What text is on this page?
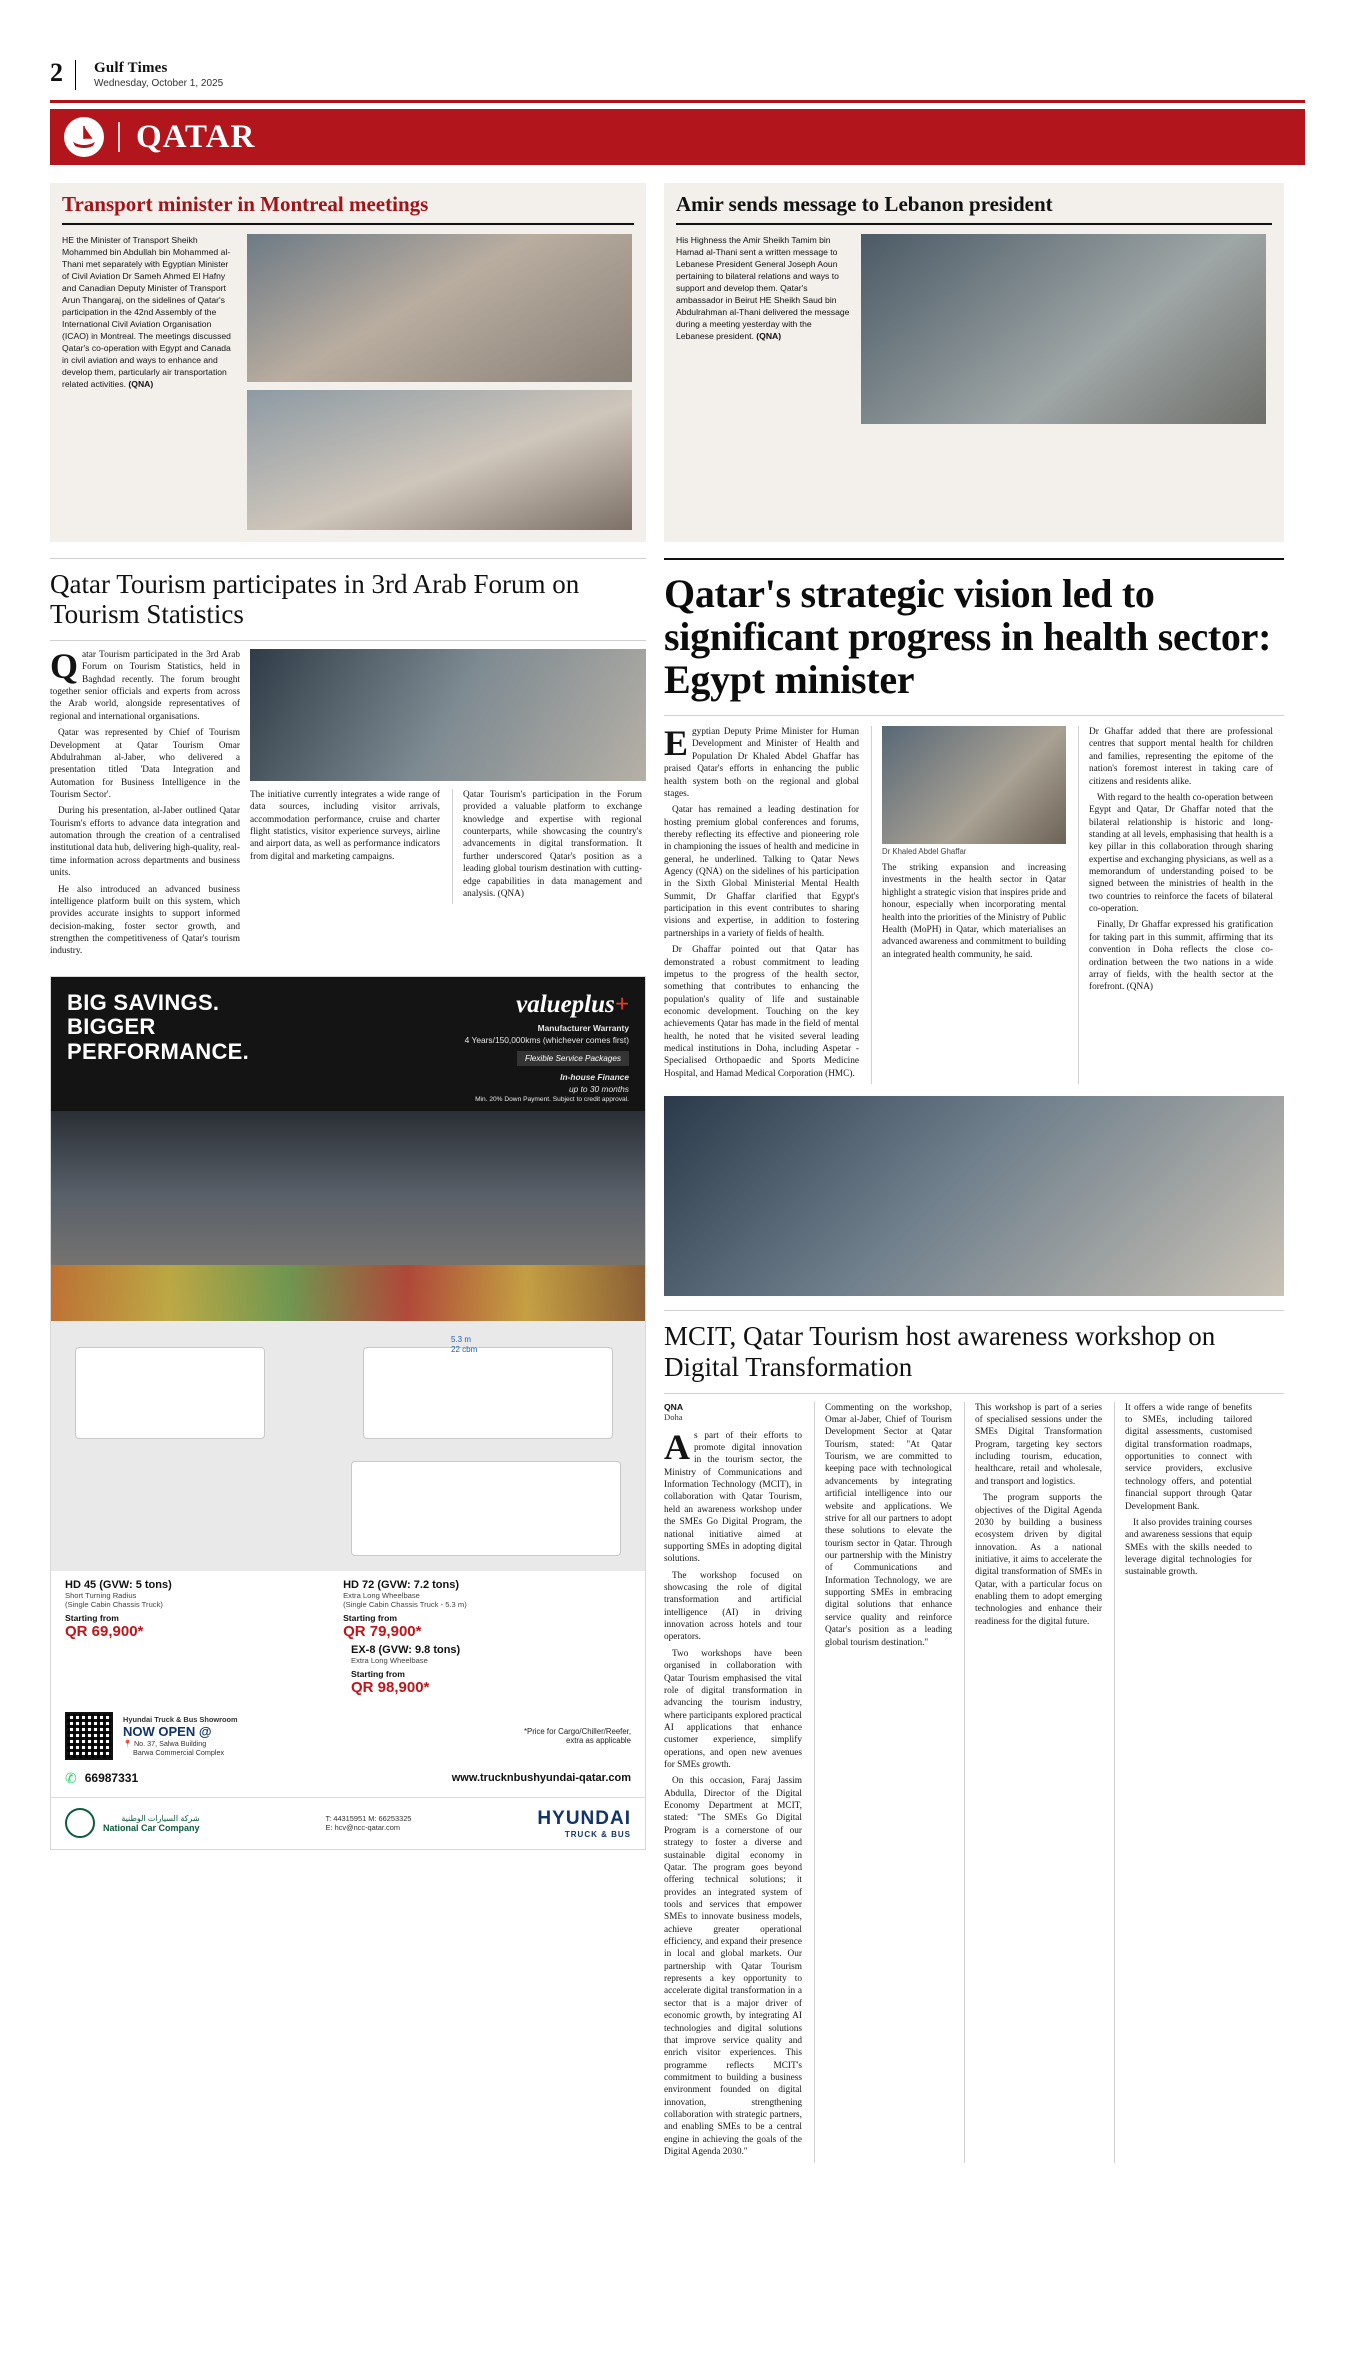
2 Gulf Times
Wednesday, October 1, 2025
QATAR
Transport minister in Montreal meetings
HE the Minister of Transport Sheikh Mohammed bin Abdullah bin Mohammed al-Thani met separately with Egyptian Minister of Civil Aviation Dr Sameh Ahmed El Hafny and Canadian Deputy Minister of Transport Arun Thangaraj, on the sidelines of Qatar's participation in the 42nd Assembly of the International Civil Aviation Organisation (ICAO) in Montreal. The meetings discussed Qatar's co-operation with Egypt and Canada in civil aviation and ways to enhance and develop them, particularly air transportation related activities. (QNA)
Amir sends message to Lebanon president
His Highness the Amir Sheikh Tamim bin Hamad al-Thani sent a written message to Lebanese President General Joseph Aoun pertaining to bilateral relations and ways to support and develop them. Qatar's ambassador in Beirut HE Sheikh Saud bin Abdulrahman al-Thani delivered the message during a meeting yesterday with the Lebanese president. (QNA)
Qatar Tourism participates in 3rd Arab Forum on Tourism Statistics

Qatar Tourism participated in the 3rd Arab Forum on Tourism Statistics, held in Baghdad recently. The forum brought together senior officials and experts from across the Arab world, alongside representatives of regional and international organisations.

Qatar was represented by Chief of Tourism Development at Qatar Tourism Omar Abdulrahman al-Jaber, who delivered a presentation titled 'Data Integration and Automation for Business Intelligence in the Tourism Sector'.

During his presentation, al-Jaber outlined Qatar Tourism's efforts to advance data integration and automation through the creation of a centralised institutional data hub, delivering high-quality, real-time information across departments and business units.

He also introduced an advanced business intelligence platform built on this system, which provides accurate insights to support informed decision-making, foster sector growth, and strengthen the competitiveness of Qatar's tourism industry.

The initiative currently integrates a wide range of data sources, including visitor arrivals, accommodation performance, cruise and charter flight statistics, visitor experience surveys, airline and airport data, as well as performance indicators from digital and marketing campaigns.

Qatar Tourism's participation in the Forum provided a valuable platform to exchange knowledge and expertise with regional counterparts, while showcasing the country's advancements in digital transformation. It further underscored Qatar's position as a leading global tourism destination with cutting-edge capabilities in data management and analysis. (QNA)

BIG SAVINGS.
BIGGER
PERFORMANCE.
valueplus+
Manufacturer Warranty
4 Years/150,000kms (whichever comes first)
Flexible Service Packages
In-house Finance
up to 30 months
Min. 20% Down Payment. Subject to credit approval.
5.3 m
22 cbm
HD 45 (GVW: 5 tons)
Short Turning Radius
(Single Cabin Chassis Truck)
Starting from
QR 69,900*
HD 72 (GVW: 7.2 tons)
Extra Long Wheelbase
(Single Cabin Chassis Truck - 5.3 m)
Starting from
QR 79,900*
EX-8 (GVW: 9.8 tons)
Extra Long Wheelbase
Starting from
QR 98,900*
Hyundai Truck & Bus Showroom
NOW OPEN @
📍 No. 37, Salwa Building
Barwa Commercial Complex
*Price for Cargo/Chiller/Reefer,
extra as applicable
✆ 66987331	www.trucknbushyundai-qatar.com
شركة السيارات الوطنية
National Car Company
T: 44315951 M: 66253325
E: hcv@ncc-qatar.com	HYUNDAI
TRUCK & BUS
Qatar's strategic vision led to significant progress in health sector: Egypt minister

Egyptian Deputy Prime Minister for Human Development and Minister of Health and Population Dr Khaled Abdel Ghaffar has praised Qatar's efforts in enhancing the public health system both on the regional and global stages.

Qatar has remained a leading destination for hosting premium global conferences and forums, thereby reflecting its effective and pioneering role in championing the issues of health and medicine in general, he underlined. Talking to Qatar News Agency (QNA) on the sidelines of his participation in the Sixth Global Ministerial Mental Health Summit, Dr Ghaffar clarified that Egypt's participation in this event contributes to sharing visions and expertise, in addition to fostering partnerships in a variety of fields of health.

Dr Ghaffar pointed out that Qatar has demonstrated a robust commitment to leading impetus to the progress of the health sector, something that contributes to enhancing the population's quality of life and sustainable economic development. Touching on the key achievements Qatar has made in the field of mental health, he noted that he visited several leading medical institutions in Doha, including Aspetar - Specialised Orthopaedic and Sports Medicine Hospital, and Hamad Medical Corporation (HMC).

Dr Khaled Abdel Ghaffar

The striking expansion and increasing investments in the health sector in Qatar highlight a strategic vision that inspires pride and honour, especially when incorporating mental health into the priorities of the Ministry of Public Health (MoPH) in Qatar, which materialises an advanced awareness and commitment to building an integrated health community, he said.

Dr Ghaffar added that there are professional centres that support mental health for children and families, representing the epitome of the nation's foremost interest in taking care of citizens and residents alike.

With regard to the health co-operation between Egypt and Qatar, Dr Ghaffar noted that the bilateral relationship is historic and long-standing at all levels, emphasising that health is a key pillar in this collaboration through sharing expertise and exchanging physicians, as well as a memorandum of understanding poised to be signed between the ministries of health in the two countries to reinforce the facets of bilateral co-operation.

Finally, Dr Ghaffar expressed his gratification for taking part in this summit, affirming that its convention in Doha reflects the close co-ordination between the two nations in a wide array of fields, with the health sector at the forefront. (QNA)

MCIT, Qatar Tourism host awareness workshop on Digital Transformation
QNA
Doha

As part of their efforts to promote digital innovation in the tourism sector, the Ministry of Communications and Information Technology (MCIT), in collaboration with Qatar Tourism, held an awareness workshop under the SMEs Go Digital Program, the national initiative aimed at supporting SMEs in adopting digital solutions.

The workshop focused on showcasing the role of digital transformation and artificial intelligence (AI) in driving innovation across hotels and tour operators.

Two workshops have been organised in collaboration with Qatar Tourism emphasised the vital role of digital transformation in advancing the tourism industry, where participants explored practical AI applications that enhance customer experience, simplify operations, and open new avenues for SMEs growth.

On this occasion, Faraj Jassim Abdulla, Director of the Digital Economy Department at MCIT, stated: "The SMEs Go Digital Program is a cornerstone of our strategy to foster a diverse and sustainable digital economy in Qatar. The program goes beyond offering technical solutions; it provides an integrated system of tools and services that empower SMEs to innovate business models, achieve greater operational efficiency, and expand their presence in local and global markets. Our partnership with Qatar Tourism represents a key opportunity to accelerate digital transformation in a sector that is a major driver of economic growth, by integrating AI technologies and digital solutions that improve service quality and enrich visitor experiences. This programme reflects MCIT's commitment to building a business environment founded on digital innovation, strengthening collaboration with strategic partners, and enabling SMEs to be a central engine in achieving the goals of the Digital Agenda 2030."

Commenting on the workshop, Omar al-Jaber, Chief of Tourism Development Sector at Qatar Tourism, stated: "At Qatar Tourism, we are committed to keeping pace with technological advancements by integrating artificial intelligence into our website and applications. We strive for all our partners to adopt these solutions to elevate the tourism sector in Qatar. Through our partnership with the Ministry of Communications and Information Technology, we are supporting SMEs in embracing digital solutions that enhance service quality and reinforce Qatar's position as a leading global tourism destination."

This workshop is part of a series of specialised sessions under the SMEs Digital Transformation Program, targeting key sectors including tourism, education, healthcare, retail and wholesale, and transport and logistics.

The program supports the objectives of the Digital Agenda 2030 by building a business ecosystem driven by digital innovation. As a national initiative, it aims to accelerate the digital transformation of SMEs in Qatar, with a particular focus on enabling them to adopt emerging technologies and enhance their readiness for the digital future.

It offers a wide range of benefits to SMEs, including tailored digital assessments, customised digital transformation roadmaps, opportunities to connect with service providers, exclusive technology offers, and potential financial support through Qatar Development Bank.

It also provides training courses and awareness sessions that equip SMEs with the skills needed to leverage digital technologies for sustainable growth.
